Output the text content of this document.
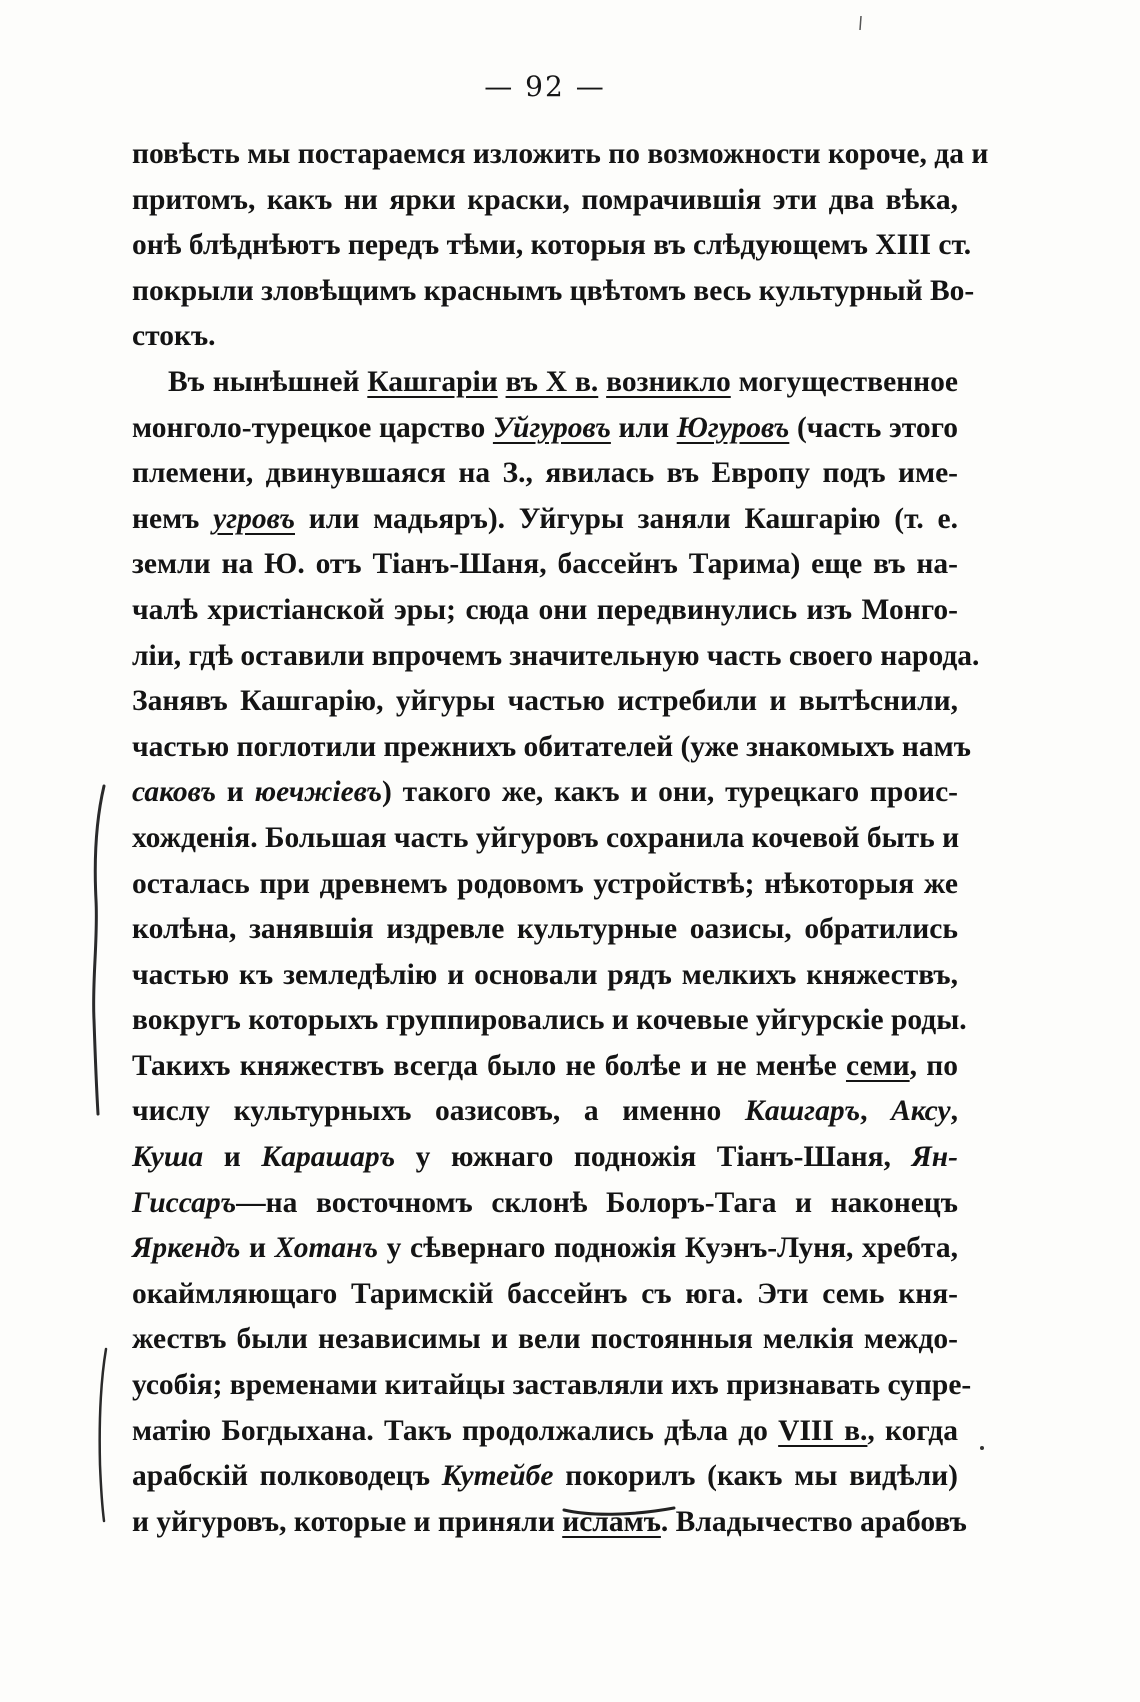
— 92 —
повѣсть мы постараемся изложить по возможности короче, да и
притомъ, какъ ни ярки краски, помрачившія эти два вѣка,
онѣ блѣднѣютъ передъ тѣми, которыя въ слѣдующемъ XIII ст.
покрыли зловѣщимъ краснымъ цвѣтомъ весь культурный Во-
стокъ.
Въ нынѣшней Кашгаріи въ X в. возникло могущественное
монголо-турецкое царство Уйгуровъ или Югуровъ (часть этого
племени, двинувшаяся на З., явилась въ Европу подъ име-
немъ угровъ или мадьяръ). Уйгуры заняли Кашгарію (т. е.
земли на Ю. отъ Тіанъ-Шаня, бассейнъ Тарима) еще въ на-
чалѣ христіанской эры; сюда они передвинулись изъ Монго-
ліи, гдѣ оставили впрочемъ значительную часть своего народа.
Занявъ Кашгарію, уйгуры частью истребили и вытѣснили,
частью поглотили прежнихъ обитателей (уже знакомыхъ намъ
саковъ и юечжіевъ) такого же, какъ и они, турецкаго проис-
хожденія. Большая часть уйгуровъ сохранила кочевой быть и
осталась при древнемъ родовомъ устройствѣ; нѣкоторыя же
колѣна, занявшія издревле культурные оазисы, обратились
частью къ земледѣлію и основали рядъ мелкихъ княжествъ,
вокругъ которыхъ группировались и кочевые уйгурскіе роды.
Такихъ княжествъ всегда было не болѣе и не менѣе семи, по
числу культурныхъ оазисовъ, а именно Кашгаръ, Аксу,
Куша и Карашаръ у южнаго подножія Тіанъ-Шаня, Ян-
Гиссаръ—на восточномъ склонѣ Болоръ-Тага и наконецъ
Яркендъ и Хотанъ у сѣвернаго подножія Куэнъ-Луня, хребта,
окаймляющаго Таримскій бассейнъ съ юга. Эти семь кня-
жествъ были независимы и вели постоянныя мелкія междо-
усобія; временами китайцы заставляли ихъ признавать супре-
матію Богдыхана. Такъ продолжались дѣла до VIII в., когда
арабскій полководецъ Кутейбе покорилъ (какъ мы видѣли)
и уйгуровъ, которые и приняли исламъ. Владычество арабовъ
